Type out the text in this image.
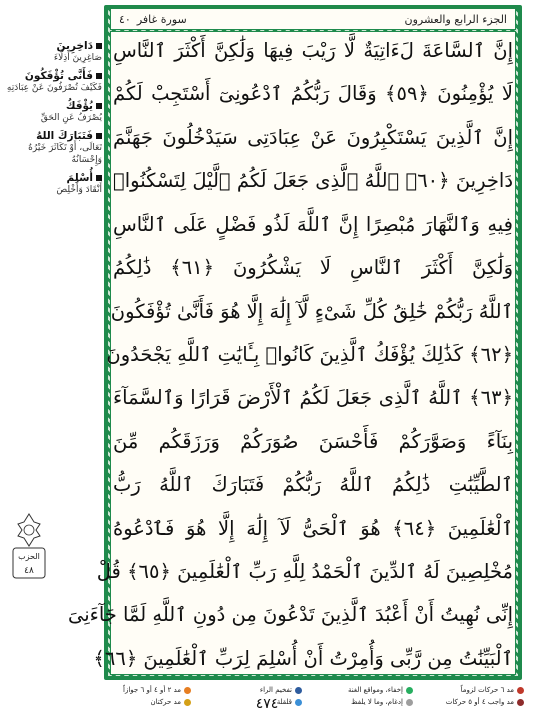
الجزء الرابع والعشرون
سورة غافر
٤٠
إِنَّ ٱلسَّاعَةَ لَءَاتِيَةٌ لَّا رَيْبَ فِيهَا وَلَٰكِنَّ أَكْثَرَ ٱلنَّاسِ
لَا يُؤْمِنُونَ ﴿٥٩﴾ وَقَالَ رَبُّكُمُ ٱدْعُونِىٓ أَسْتَجِبْ لَكُمْ
إِنَّ ٱلَّذِينَ يَسْتَكْبِرُونَ عَنْ عِبَادَتِى سَيَدْخُلُونَ جَهَنَّمَ
دَاخِرِينَ ﴿٦٠﴾ ٱللَّهُ ٱلَّذِى جَعَلَ لَكُمُ ٱلَّيْلَ لِتَسْكُنُوا۟
فِيهِ وَٱلنَّهَارَ مُبْصِرًا إِنَّ ٱللَّهَ لَذُو فَضْلٍ عَلَى ٱلنَّاسِ
وَلَٰكِنَّ أَكْثَرَ ٱلنَّاسِ لَا يَشْكُرُونَ ﴿٦١﴾ ذَٰلِكُمُ
ٱللَّهُ رَبُّكُمْ خَٰلِقُ كُلِّ شَىْءٍ لَّآ إِلَٰهَ إِلَّا هُوَ فَأَنَّىٰ تُؤْفَكُونَ
﴿٦٢﴾ كَذَٰلِكَ يُؤْفَكُ ٱلَّذِينَ كَانُوا۟ بِـَٔايَٰتِ ٱللَّهِ يَجْحَدُونَ
﴿٦٣﴾ ٱللَّهُ ٱلَّذِى جَعَلَ لَكُمُ ٱلْأَرْضَ قَرَارًا وَٱلسَّمَآءَ
بِنَآءً وَصَوَّرَكُمْ فَأَحْسَنَ صُوَرَكُمْ وَرَزَقَكُم مِّنَ
ٱلطَّيِّبَٰتِ ذَٰلِكُمُ ٱللَّهُ رَبُّكُمْ فَتَبَارَكَ ٱللَّهُ رَبُّ
ٱلْعَٰلَمِينَ ﴿٦٤﴾ هُوَ ٱلْحَىُّ لَآ إِلَٰهَ إِلَّا هُوَ فَٱدْعُوهُ
مُخْلِصِينَ لَهُ ٱلدِّينَ ٱلْحَمْدُ لِلَّهِ رَبِّ ٱلْعَٰلَمِينَ ﴿٦٥﴾ قُلْ
إِنِّى نُهِيتُ أَنْ أَعْبُدَ ٱلَّذِينَ تَدْعُونَ مِن دُونِ ٱللَّهِ لَمَّا جَآءَنِىَ
ٱلْبَيِّنَٰتُ مِن رَّبِّى وَأُمِرْتُ أَنْ أُسْلِمَ لِرَبِّ ٱلْعَٰلَمِينَ ﴿٦٦﴾
دَاخِرِينَ
صَاغِرِينَ أَذِلَّاءَ
فَأَنَّى تُؤْفَكُونَ
فَكَيْفَ تُصْرَفُونَ عَنْ عِبَادَتِهِ
يُؤْفَكُ
يُصْرَفُ عَنِ الحَقِّ
فَتَبَارَكَ اللهُ
تَعَالَى، أَوْ تَكَاثَرَ خَيْرُهُ وَإِحْسَانُهُ
أُسْلِمَ
أَنْقَادَ وَأُخْلِصَ
الحزب
٤٨
مد ٦ حركات لزوماً
إخفاء، ومواقع الغنة
تفخيم الراء
مد ٢ أو ٤ أو ٦ جوازاً
مد واجب ٤ أو ٥ حركات
إدغام، وما لا يلفظ
قلقلة
مد حركتان	٤٧٤
